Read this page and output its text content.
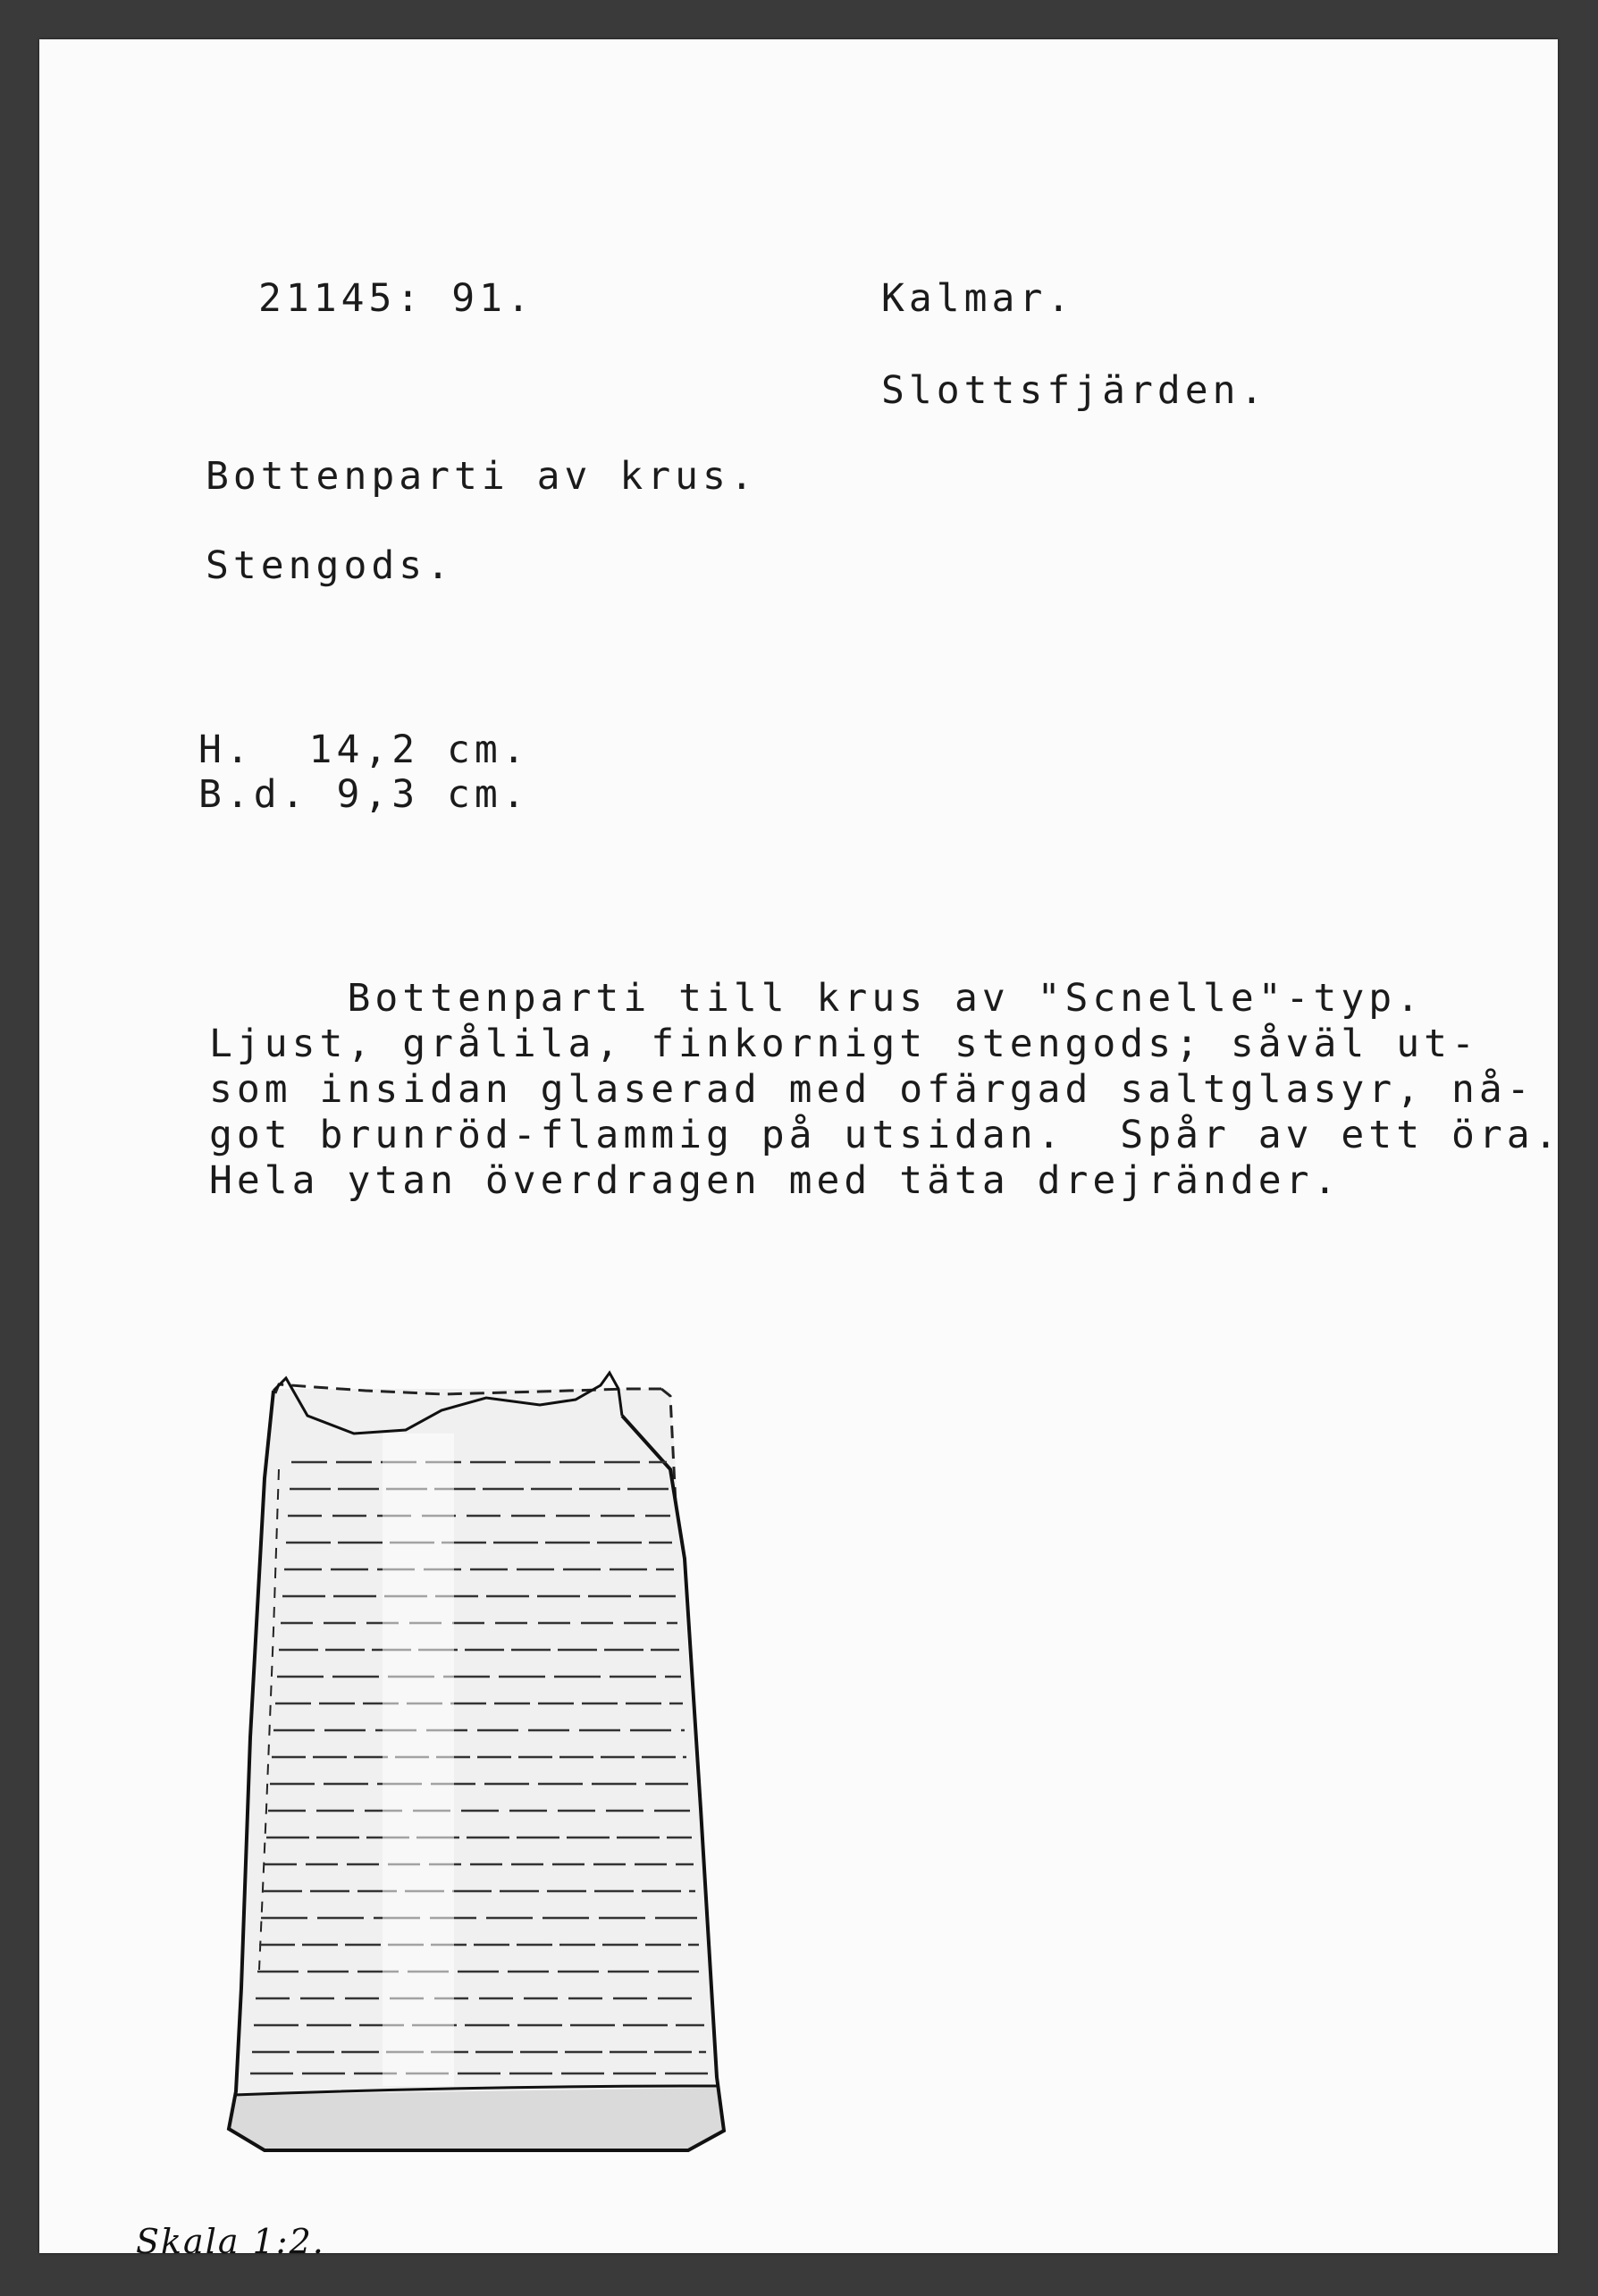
21145: 91.	Kalmar.
Slottsfjärden.
Bottenparti av krus.
Stengods.
H.  14,2 cm.
B.d. 9,3 cm.
Bottenparti till krus av "Scnelle"-typ.
Ljust, grålila, finkornigt stengods; såväl ut-
som insidan glaserad med ofärgad saltglasyr, nå-
got brunröd-flammig på utsidan.  Spår av ett öra.
Hela ytan överdragen med täta drejränder.
Skala 1:2.
